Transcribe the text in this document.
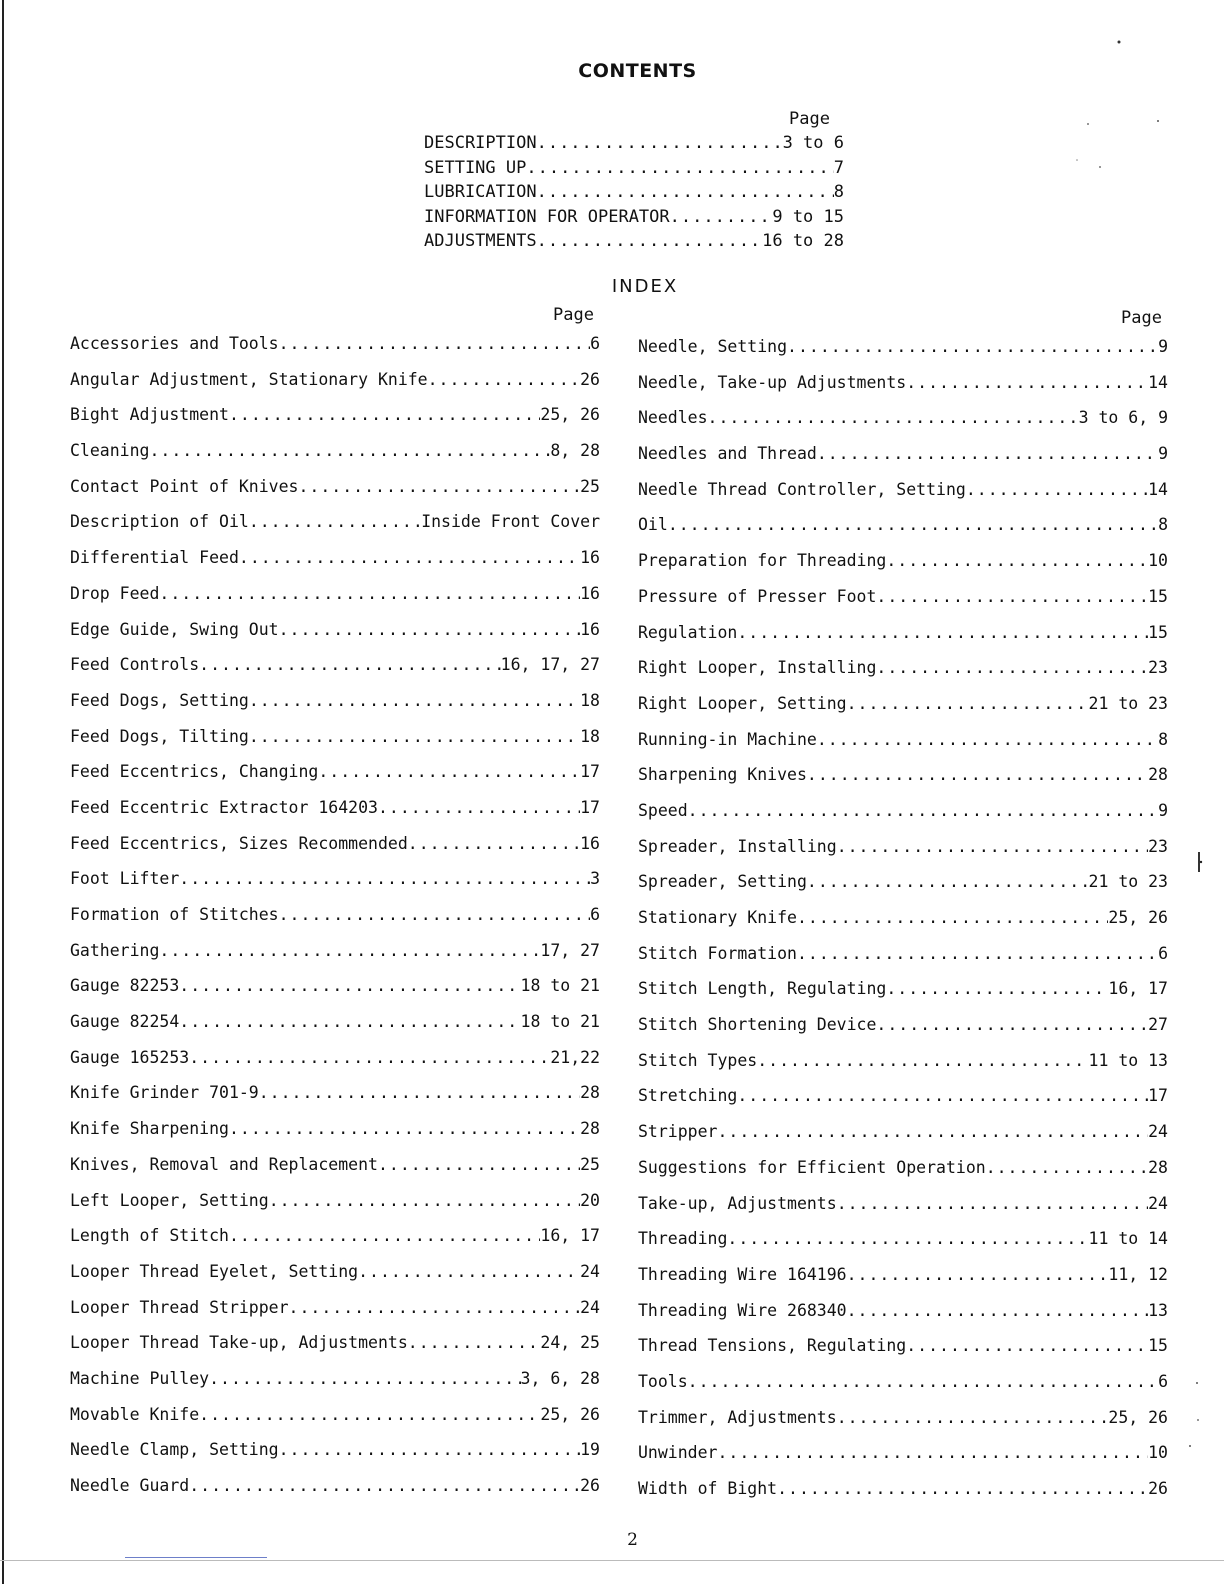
CONTENTS
Page
DESCRIPTION .....	3 to 6
SETTING UP .....	7
LUBRICATION .....	8
INFORMATION FOR OPERATOR .....	9 to 15
ADJUSTMENTS .....	16 to 28
INDEX
Page
Accessories and Tools .....	6
Angular Adjustment, Stationary Knife .....	26
Bight Adjustment .....	25, 26
Cleaning .....	8, 28
Contact Point of Knives .....	25
Description of Oil .....	Inside Front Cover
Differential Feed .....	16
Drop Feed .....	16
Edge Guide, Swing Out .....	16
Feed Controls .....	16, 17, 27
Feed Dogs, Setting .....	18
Feed Dogs, Tilting .....	18
Feed Eccentrics, Changing .....	17
Feed Eccentric Extractor 164203 .....	17
Feed Eccentrics, Sizes Recommended .....	16
Foot Lifter .....	3
Formation of Stitches .....	6
Gathering .....	17, 27
Gauge 82253 .....	18 to 21
Gauge 82254 .....	18 to 21
Gauge 165253 .....	21,22
Knife Grinder 701-9 .....	28
Knife Sharpening .....	28
Knives, Removal and Replacement .....	25
Left Looper, Setting .....	20
Length of Stitch .....	16, 17
Looper Thread Eyelet, Setting .....	24
Looper Thread Stripper .....	24
Looper Thread Take-up, Adjustments .....	24, 25
Machine Pulley .....	3, 6, 28
Movable Knife .....	25, 26
Needle Clamp, Setting .....	19
Needle Guard .....	26
Page
Needle, Setting .....	9
Needle, Take-up Adjustments .....	14
Needles .....	3 to 6, 9
Needles and Thread .....	9
Needle Thread Controller, Setting .....	14
Oil .....	8
Preparation for Threading .....	10
Pressure of Presser Foot .....	15
Regulation .....	15
Right Looper, Installing .....	23
Right Looper, Setting .....	21 to 23
Running-in Machine .....	8
Sharpening Knives .....	28
Speed .....	9
Spreader, Installing .....	23
Spreader, Setting .....	21 to 23
Stationary Knife .....	25, 26
Stitch Formation .....	6
Stitch Length, Regulating .....	16, 17
Stitch Shortening Device .....	27
Stitch Types .....	11 to 13
Stretching .....	17
Stripper .....	24
Suggestions for Efficient Operation .....	28
Take-up, Adjustments .....	24
Threading .....	11 to 14
Threading Wire 164196 .....	11, 12
Threading Wire 268340 .....	13
Thread Tensions, Regulating .....	15
Tools .....	6
Trimmer, Adjustments .....	25, 26
Unwinder .....	10
Width of Bight .....	26
2
